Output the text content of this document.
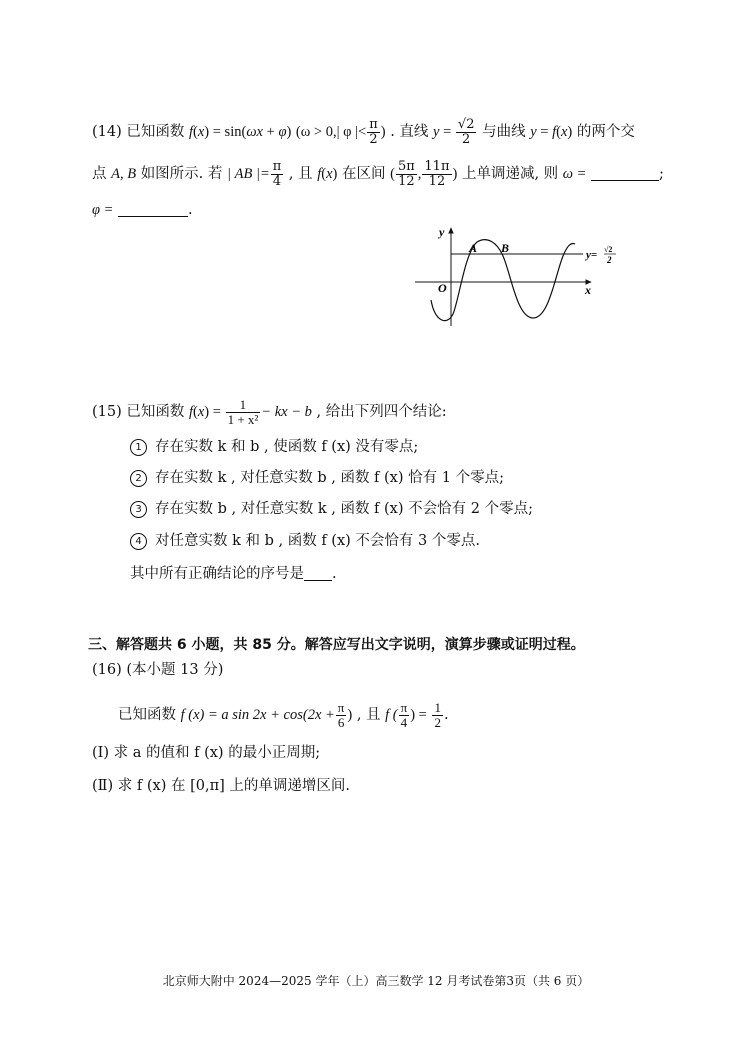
(14) 已知函数 f(x) = sin(ωx + φ) (ω > 0,| φ |< $\frac{\pi}{2}$ ) . 直线 $y = \frac{√2}{2}$ 与曲线 y = f(x) 的两个交
点 A, B 如图所示. 若 | AB |= $\frac{\pi}{4}$ , 且 f(x) 在区间 ( $\frac{5\pi}{12}$ , $\frac{11\pi}{12}$ ) 上单调递减, 则 ω =	;
φ =	.
y
x
O
A B	y= √2
2
(15) 已知函数 $f(x) = \frac{1}{\text{1 + x²}}$ − kx − b , 给出下列四个结论:
1 存在实数 k 和 b , 使函数 f (x) 没有零点;
2 存在实数 k , 对任意实数 b , 函数 f (x) 恰有 1 个零点;
3 存在实数 b , 对任意实数 k , 函数 f (x) 不会恰有 2 个零点;
4 对任意实数 k 和 b , 函数 f (x) 不会恰有 3 个零点.
其中所有正确结论的序号是 .
三、解答题共 6 小题，共 85 分。解答应写出文字说明，演算步骤或证明过程。
(16) (本小题 13 分)
已知函数 f (x) = a $\sin 2x + \cos(2x + \frac{\pi}{6}$ ) , 且 f ( $\frac{\pi}{4}$ ) = $\frac{1}{2}$ .
(Ⅰ) 求 a 的值和 f (x) 的最小正周期;
(Ⅱ) 求 f (x) 在 [0,π] 上的单调递增区间.
北京师大附中 2024—2025 学年（上）高三数学 12 月考试卷第3页（共 6 页）
